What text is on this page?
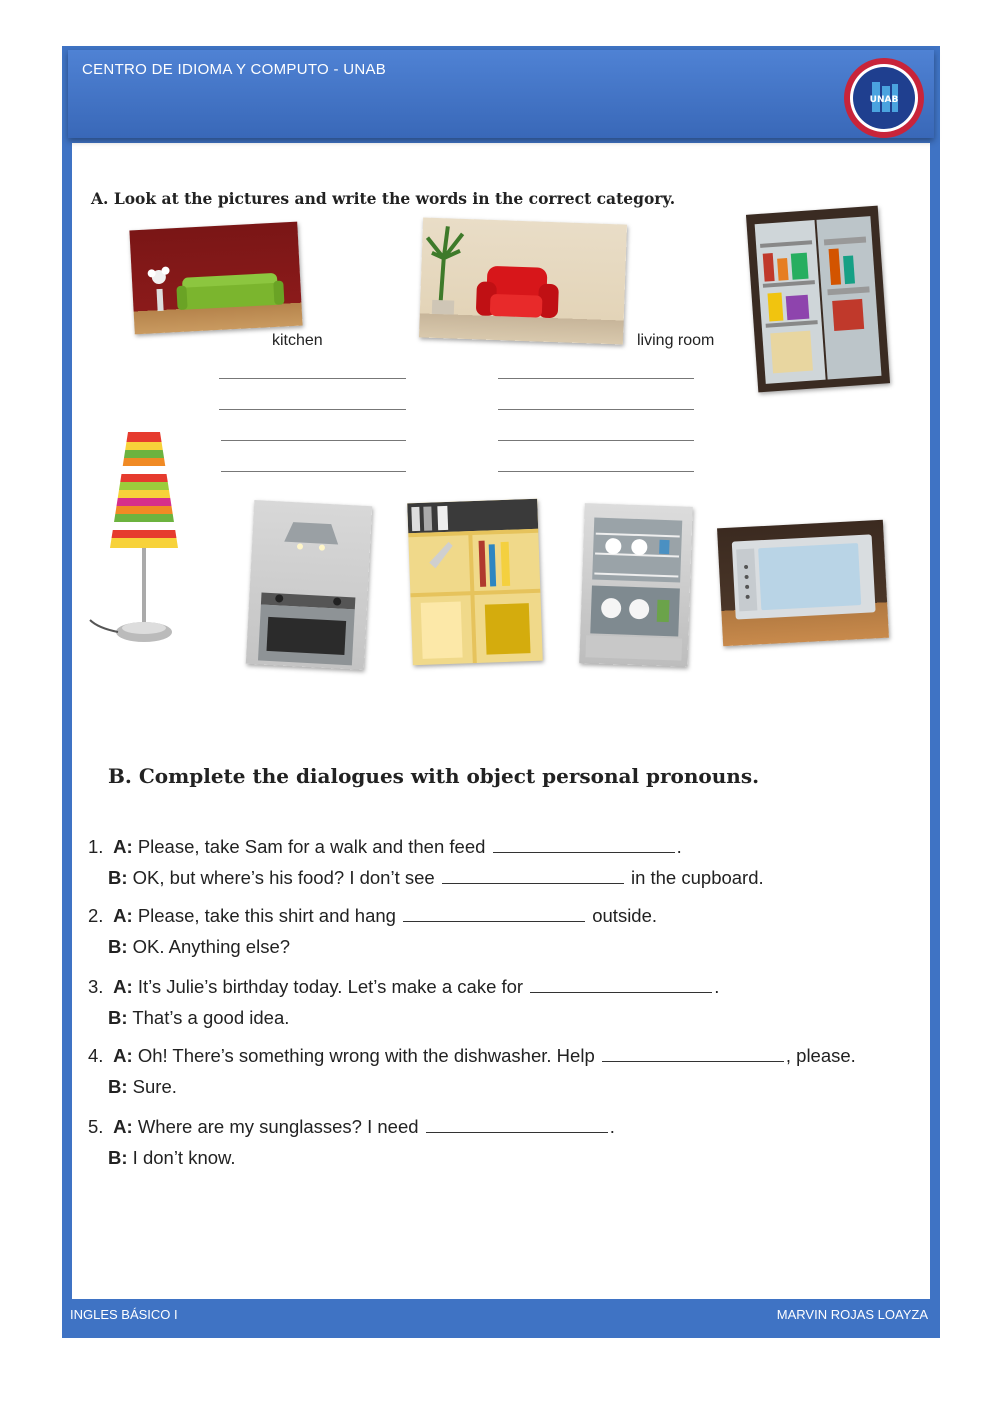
CENTRO DE IDIOMA Y COMPUTO - UNAB
UNAB
A. Look at the pictures and write the words in the correct category.
kitchen	living room
B. Complete the dialogues with object personal pronouns.
1. A: Please, take Sam for a walk and then feed	.
B: OK, but where’s his food? I don’t see	in the cupboard.
2. A: Please, take this shirt and hang	outside.
B: OK. Anything else?
3. A: It’s Julie’s birthday today. Let’s make a cake for	.
B: That’s a good idea.
4. A: Oh! There’s something wrong with the dishwasher. Help	, please.
B: Sure.
5. A: Where are my sunglasses? I need	.
B: I don’t know.
INGLES BÁSICO I	MARVIN ROJAS LOAYZA
